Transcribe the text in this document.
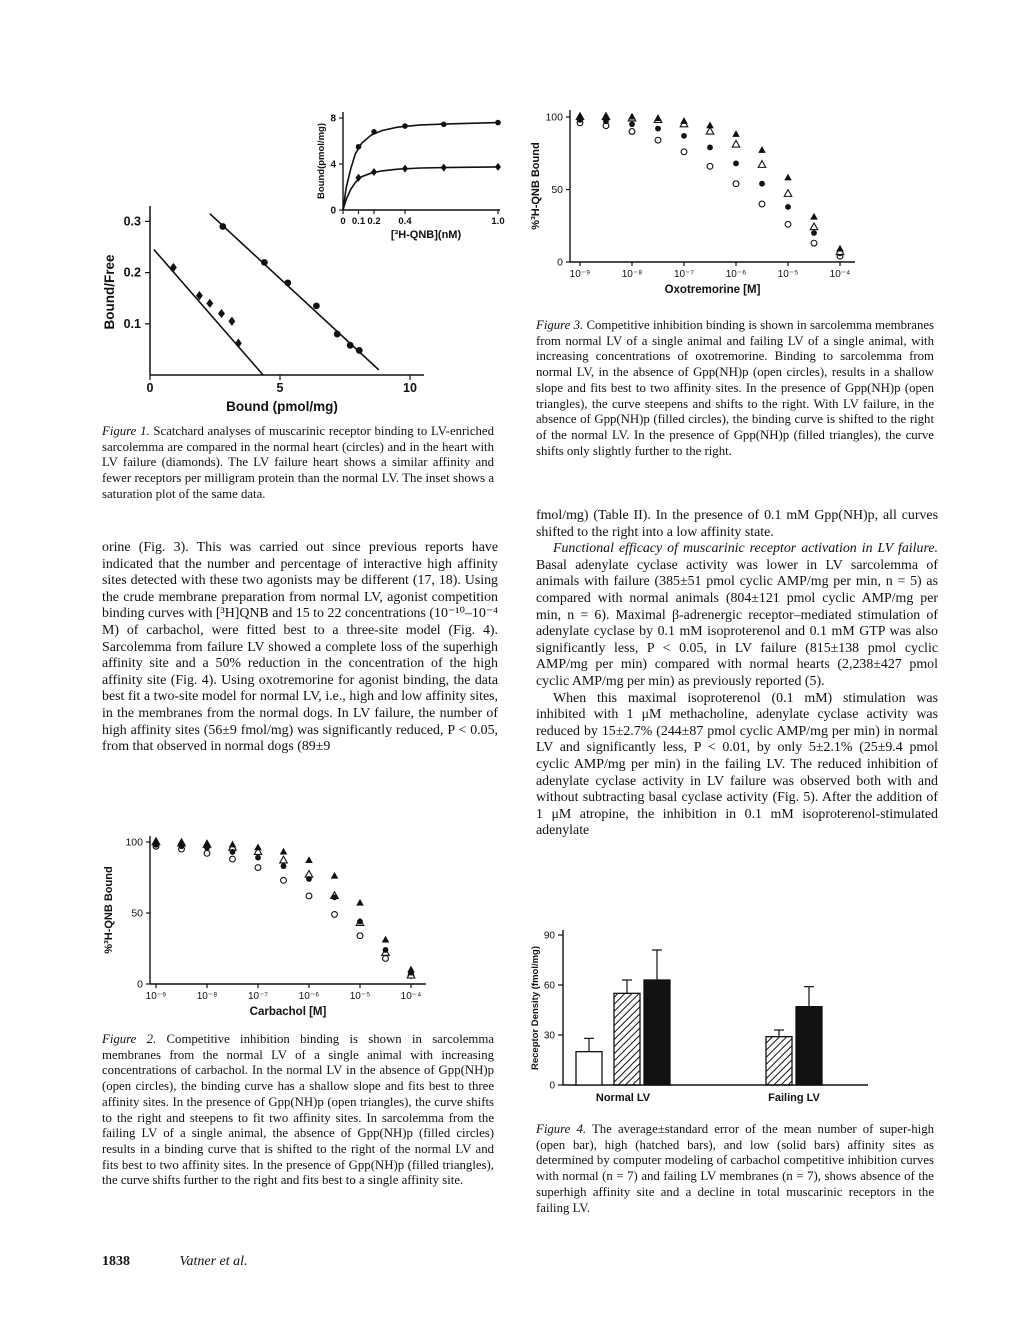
0.1
0.2
0.3
0	5	10
Bound (pmol/mg)
Bound/Free
0
4
8
0 0.1 0.2 0.4	1.0
[³H-QNB](nM)
Bound(pmol/mg)
Figure 1. Scatchard analyses of muscarinic receptor binding to LV-enriched sarcolemma are compared in the normal heart (circles) and in the heart with LV failure (diamonds). The LV failure heart shows a similar affinity and fewer receptors per milligram protein than the normal LV. The inset shows a saturation plot of the same data.

orine (Fig. 3). This was carried out since previous reports have indicated that the number and percentage of interactive high affinity sites detected with these two agonists may be different (17, 18). Using the crude membrane preparation from normal LV, agonist competition binding curves with [³H]QNB and 15 to 22 concentrations (10⁻¹⁰–10⁻⁴ M) of carbachol, were fitted best to a three-site model (Fig. 4). Sarcolemma from failure LV showed a complete loss of the superhigh affinity site and a 50% reduction in the concentration of the high affinity site (Fig. 4). Using oxotremorine for agonist binding, the data best fit a two-site model for normal LV, i.e., high and low affinity sites, in the membranes from the normal dogs. In LV failure, the number of high affinity sites (56±9 fmol/mg) was significantly reduced, P < 0.05, from that observed in normal dogs (89±9

0
50
100
10⁻⁹	10⁻⁸	10⁻⁷	10⁻⁶	10⁻⁵	10⁻⁴
Carbachol [M]
%³H-QNB Bound
Figure 2. Competitive inhibition binding is shown in sarcolemma membranes from the normal LV of a single animal with increasing concentrations of carbachol. In the normal LV in the absence of Gpp(NH)p (open circles), the binding curve has a shallow slope and fits best to three affinity sites. In the presence of Gpp(NH)p (open triangles), the curve shifts to the right and steepens to fit two affinity sites. In sarcolemma from the failing LV of a single animal, the absence of Gpp(NH)p (filled circles) results in a binding curve that is shifted to the right of the normal LV and fits best to two affinity sites. In the presence of Gpp(NH)p (filled triangles), the curve shifts further to the right and fits best to a single affinity site.
1838	Vatner et al.
0
50
100
10⁻⁹	10⁻⁸	10⁻⁷	10⁻⁶	10⁻⁵	10⁻⁴
Oxotremorine [M]
%³H-QNB Bound
Figure 3. Competitive inhibition binding is shown in sarcolemma membranes from normal LV of a single animal and failing LV of a single animal, with increasing concentrations of oxotremorine. Binding to sarcolemma from normal LV, in the absence of Gpp(NH)p (open circles), results in a shallow slope and fits best to two affinity sites. In the presence of Gpp(NH)p (open triangles), the curve steepens and shifts to the right. With LV failure, in the absence of Gpp(NH)p (filled circles), the binding curve is shifted to the right of the normal LV. In the presence of Gpp(NH)p (filled triangles), the curve shifts only slightly further to the right.

fmol/mg) (Table II). In the presence of 0.1 mM Gpp(NH)p, all curves shifted to the right into a low affinity state.

Functional efficacy of muscarinic receptor activation in LV failure. Basal adenylate cyclase activity was lower in LV sarcolemma of animals with failure (385±51 pmol cyclic AMP/mg per min, n = 5) as compared with normal animals (804±121 pmol cyclic AMP/mg per min, n = 6). Maximal β-adrenergic receptor–mediated stimulation of adenylate cyclase by 0.1 mM isoproterenol and 0.1 mM GTP was also significantly less, P < 0.05, in LV failure (815±138 pmol cyclic AMP/mg per min) compared with normal hearts (2,238±427 pmol cyclic AMP/mg per min) as previously reported (5).

When this maximal isoproterenol (0.1 mM) stimulation was inhibited with 1 μM methacholine, adenylate cyclase activity was reduced by 15±2.7% (244±87 pmol cyclic AMP/mg per min) in normal LV and significantly less, P < 0.01, by only 5±2.1% (25±9.4 pmol cyclic AMP/mg per min) in the failing LV. The reduced inhibition of adenylate cyclase activity in LV failure was observed both with and without subtracting basal cyclase activity (Fig. 5). After the addition of 1 μM atropine, the inhibition in 0.1 mM isoproterenol-stimulated adenylate

0
30
60
90
Receptor Density (fmol/mg)
Normal LV	Failing LV
Figure 4. The average±standard error of the mean number of super-high (open bar), high (hatched bars), and low (solid bars) affinity sites as determined by computer modeling of carbachol competitive inhibition curves with normal (n = 7) and failing LV membranes (n = 7), shows absence of the superhigh affinity site and a decline in total muscarinic receptors in the failing LV.
